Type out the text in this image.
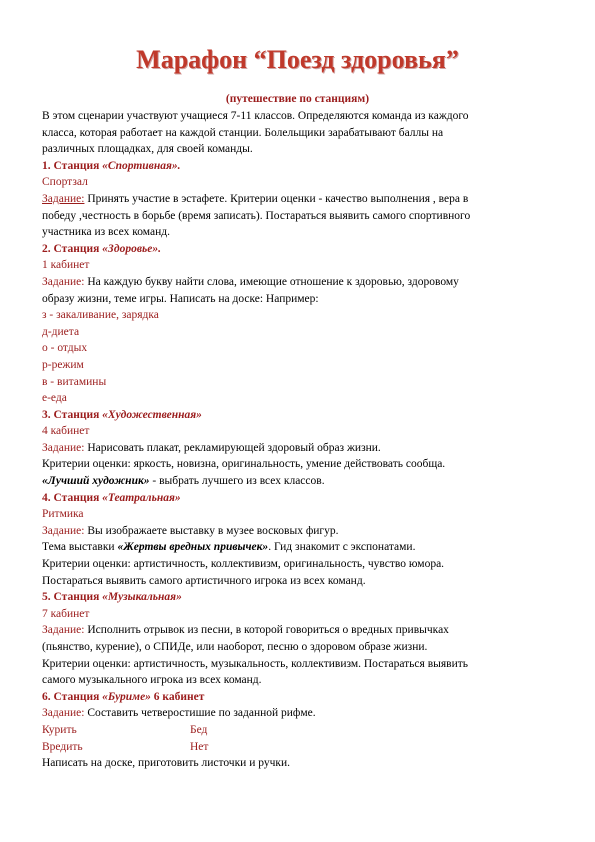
Марафон “Поезд здоровья”
(путешествие по станциям)
В этом сценарии участвуют учащиеся 7-11 классов. Определяются команда из каждого
класса, которая работает на каждой станции. Болельщики зарабатывают баллы на
различных площадках, для своей команды.
1. Станция «Спортивная».
Спортзал
Задание: Принять участие в эстафете. Критерии оценки - качество выполнения , вера в
победу ,честность в борьбе (время записать). Постараться выявить самого спортивного
участника из всех команд.
2. Станция «Здоровье».
1 кабинет
Задание: На каждую букву найти слова, имеющие отношение к здоровью, здоровому
образу жизни, теме игры. Написать на доске: Например:
з - закаливание, зарядка
д-диета
о - отдых
р-режим
в - витамины
е-еда
3. Станция «Художественная»
4 кабинет
Задание: Нарисовать плакат, рекламирующей здоровый образ жизни.
Критерии оценки: яркость, новизна, оригинальность, умение действовать сообща.
«Лучший художник» - выбрать лучшего из всех классов.
4. Станция «Театральная»
Ритмика
Задание: Вы изображаете выставку в музее восковых фигур.
Тема выставки «Жертвы вредных привычек». Гид знакомит с экспонатами.
Критерии оценки: артистичность, коллективизм, оригинальность, чувство юмора.
Постараться выявить самого артистичного игрока из всех команд.
5. Станция «Музыкальная»
7 кабинет
Задание: Исполнить отрывок из песни, в которой говориться о вредных привычках
(пьянство, курение), о СПИДе, или наоборот, песню о здоровом образе жизни.
Критерии оценки: артистичность, музыкальность, коллективизм. Постараться выявить
самого музыкального игрока из всех команд.
6. Станция «Буриме» 6 кабинет
Задание: Составить четверостишие по заданной рифме.
Курить	Бед
Вредить	Нет
Написать на доске, приготовить листочки и ручки.
